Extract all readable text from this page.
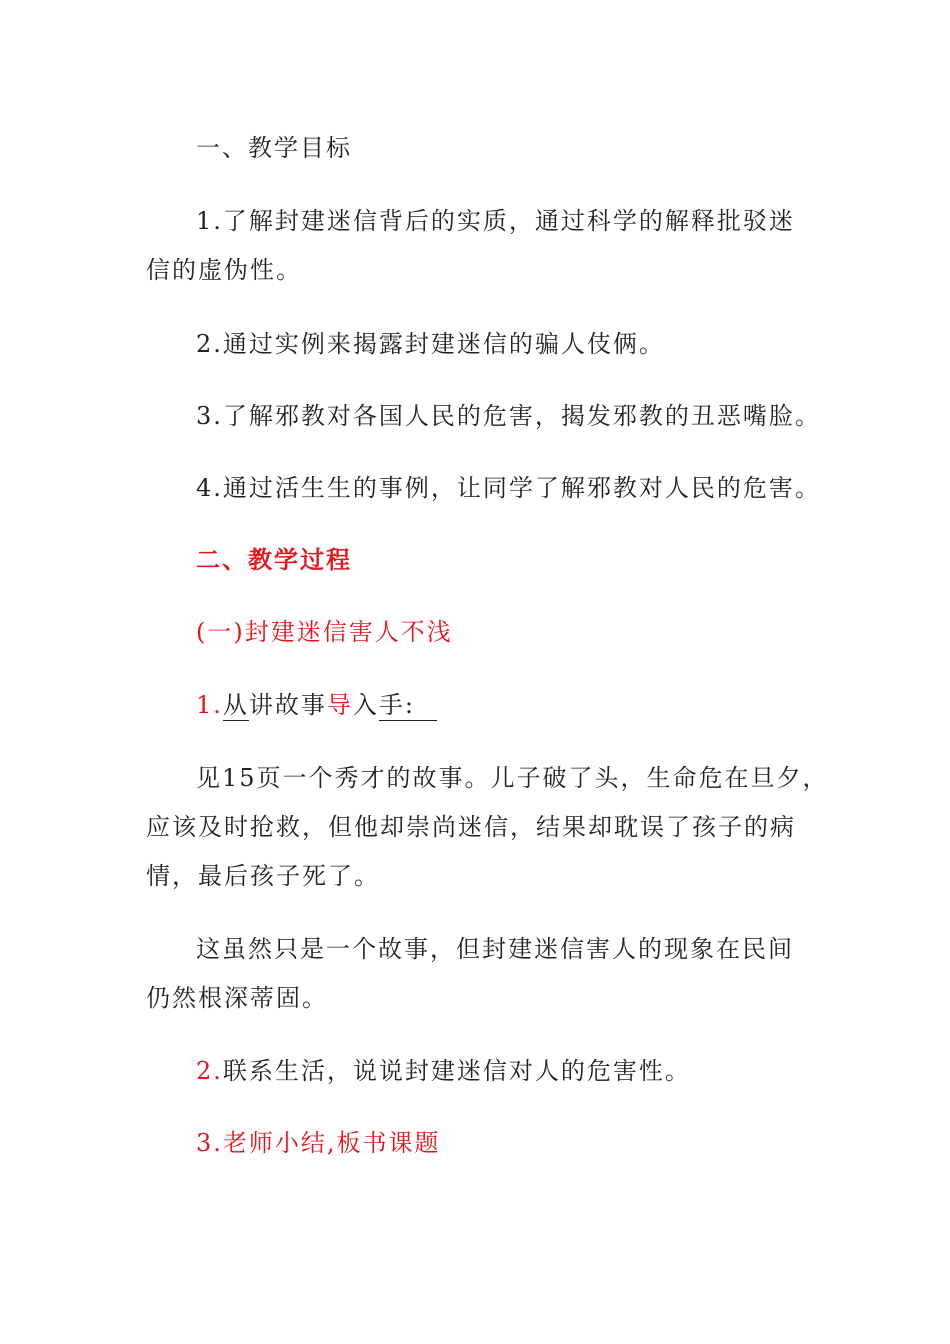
一、教学目标
1.了解封建迷信背后的实质，通过科学的解释批驳迷
信的虚伪性。
2.通过实例来揭露封建迷信的骗人伎俩。
3.了解邪教对各国人民的危害，揭发邪教的丑恶嘴脸。
4.通过活生生的事例，让同学了解邪教对人民的危害。
二、教学过程
(一)封建迷信害人不浅
1.从讲故事导入手:
见15页一个秀才的故事。儿子破了头，生命危在旦夕，
应该及时抢救，但他却崇尚迷信，结果却耽误了孩子的病
情，最后孩子死了。
这虽然只是一个故事，但封建迷信害人的现象在民间
仍然根深蒂固。
2.联系生活，说说封建迷信对人的危害性。
3.老师小结,板书课题
